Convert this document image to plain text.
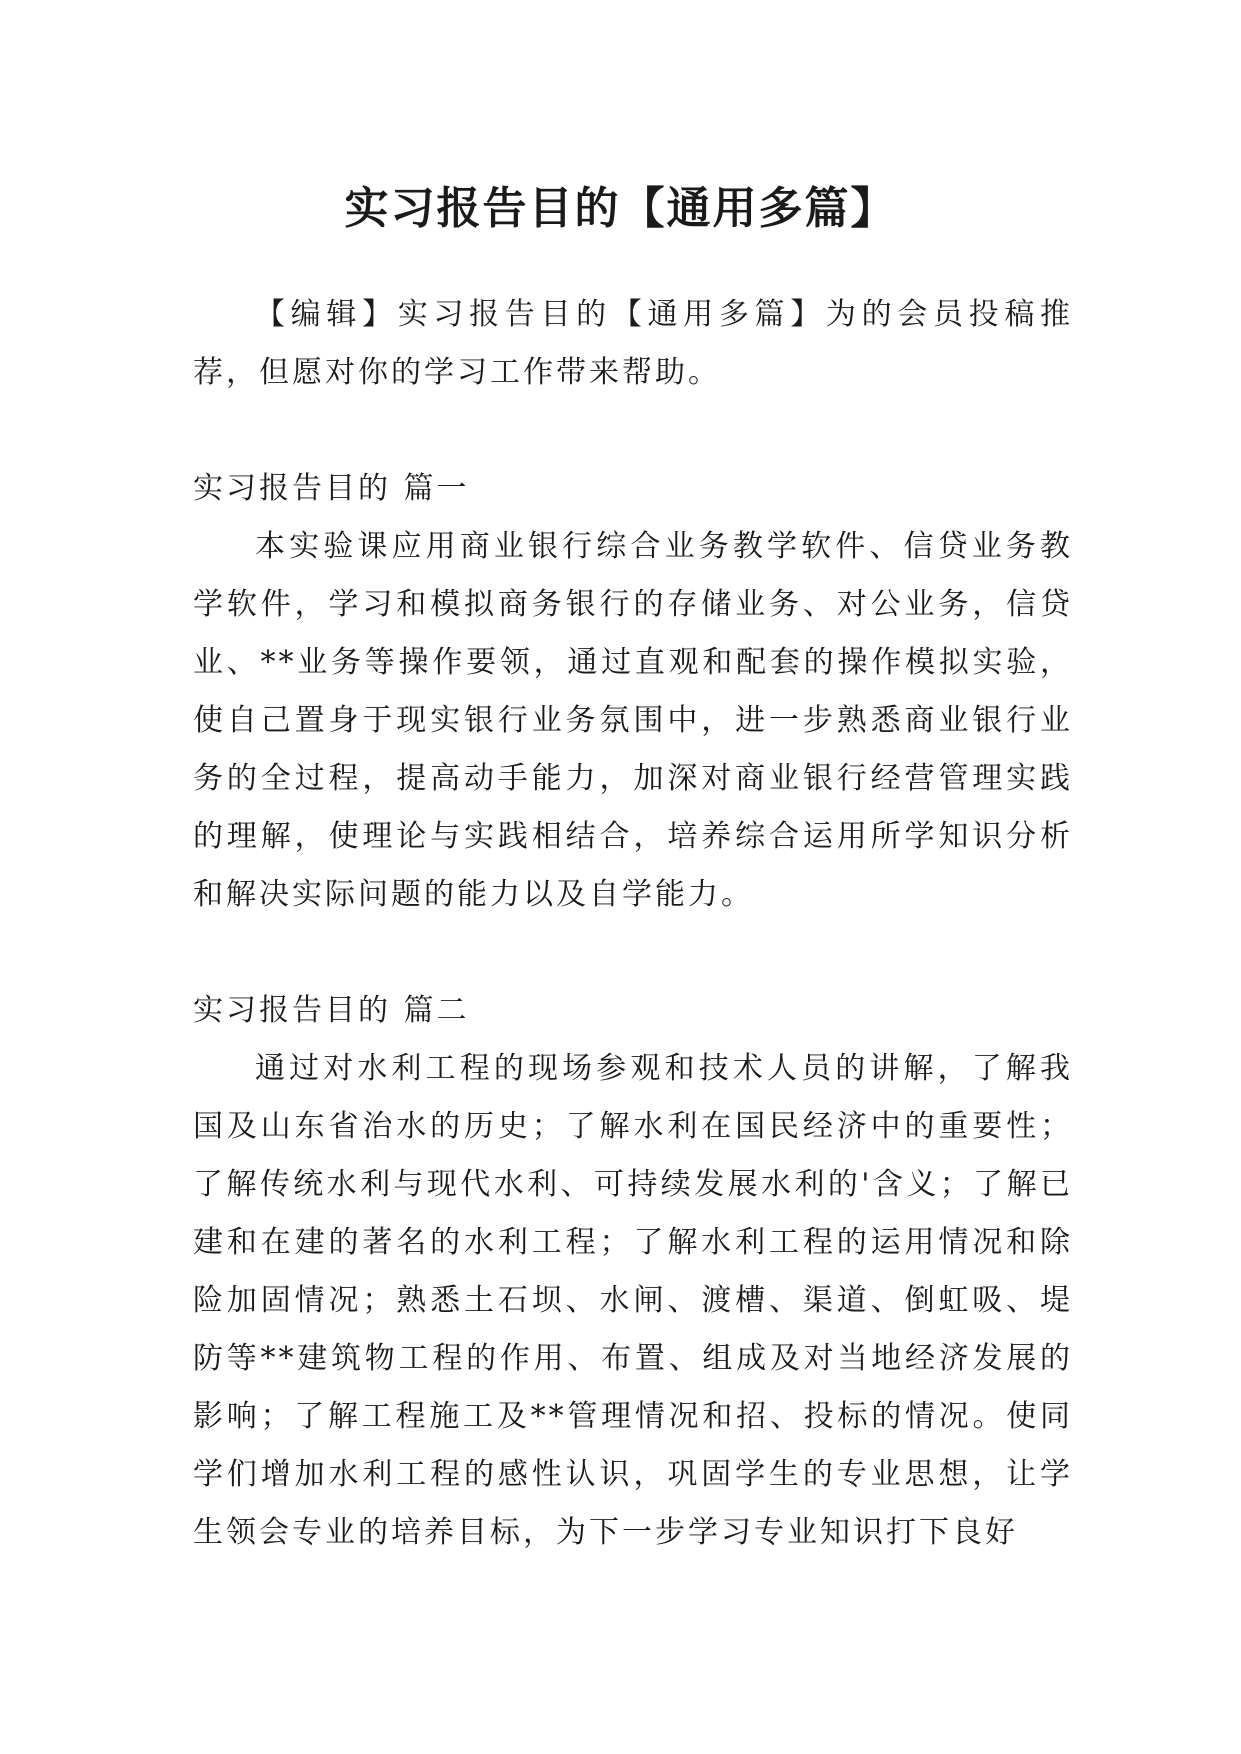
实习报告目的【通用多篇】

【编辑】实习报告目的【通用多篇】为的会员投稿推荐，但愿对你的学习工作带来帮助。

实习报告目的 篇一

本实验课应用商业银行综合业务教学软件、信贷业务教学软件，学习和模拟商务银行的存储业务、对公业务，信贷业、**业务等操作要领，通过直观和配套的操作模拟实验，使自己置身于现实银行业务氛围中，进一步熟悉商业银行业务的全过程，提高动手能力，加深对商业银行经营管理实践的理解，使理论与实践相结合，培养综合运用所学知识分析和解决实际问题的能力以及自学能力。

实习报告目的 篇二

通过对水利工程的现场参观和技术人员的讲解，了解我国及山东省治水的历史；了解水利在国民经济中的重要性；了解传统水利与现代水利、可持续发展水利的'含义；了解已建和在建的著名的水利工程；了解水利工程的运用情况和除险加固情况；熟悉土石坝、水闸、渡槽、渠道、倒虹吸、堤防等**建筑物工程的作用、布置、组成及对当地经济发展的影响；了解工程施工及**管理情况和招、投标的情况。使同学们增加水利工程的感性认识，巩固学生的专业思想，让学生领会专业的培养目标，为下一步学习专业知识打下良好
